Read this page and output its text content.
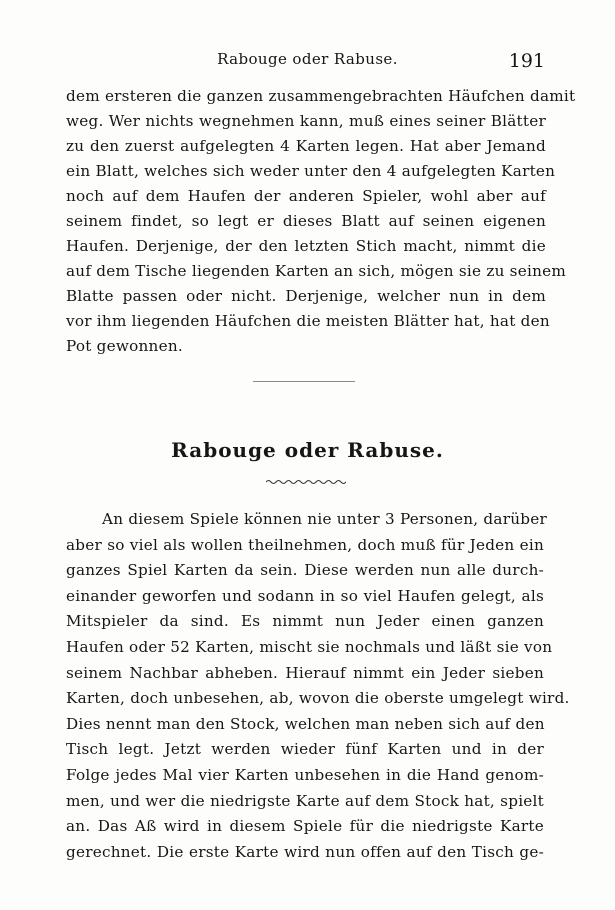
Rabouge oder Rabuse.	191
dem ersteren die ganzen zusammengebrachten Häufchen damit
weg. Wer nichts wegnehmen kann, muß eines seiner Blätter
zu den zuerst aufgelegten 4 Karten legen. Hat aber Jemand
ein Blatt, welches sich weder unter den 4 aufgelegten Karten
noch auf dem Haufen der anderen Spieler, wohl aber auf
seinem findet, so legt er dieses Blatt auf seinen eigenen
Haufen. Derjenige, der den letzten Stich macht, nimmt die
auf dem Tische liegenden Karten an sich, mögen sie zu seinem
Blatte passen oder nicht. Derjenige, welcher nun in dem
vor ihm liegenden Häufchen die meisten Blätter hat, hat den
Pot gewonnen.
Rabouge oder Rabuse.
An diesem Spiele können nie unter 3 Personen, darüber
aber so viel als wollen theilnehmen, doch muß für Jeden ein
ganzes Spiel Karten da sein. Diese werden nun alle durch-
einander geworfen und sodann in so viel Haufen gelegt, als
Mitspieler da sind. Es nimmt nun Jeder einen ganzen
Haufen oder 52 Karten, mischt sie nochmals und läßt sie von
seinem Nachbar abheben. Hierauf nimmt ein Jeder sieben
Karten, doch unbesehen, ab, wovon die oberste umgelegt wird.
Dies nennt man den Stock, welchen man neben sich auf den
Tisch legt. Jetzt werden wieder fünf Karten und in der
Folge jedes Mal vier Karten unbesehen in die Hand genom-
men, und wer die niedrigste Karte auf dem Stock hat, spielt
an. Das Aß wird in diesem Spiele für die niedrigste Karte
gerechnet. Die erste Karte wird nun offen auf den Tisch ge-
